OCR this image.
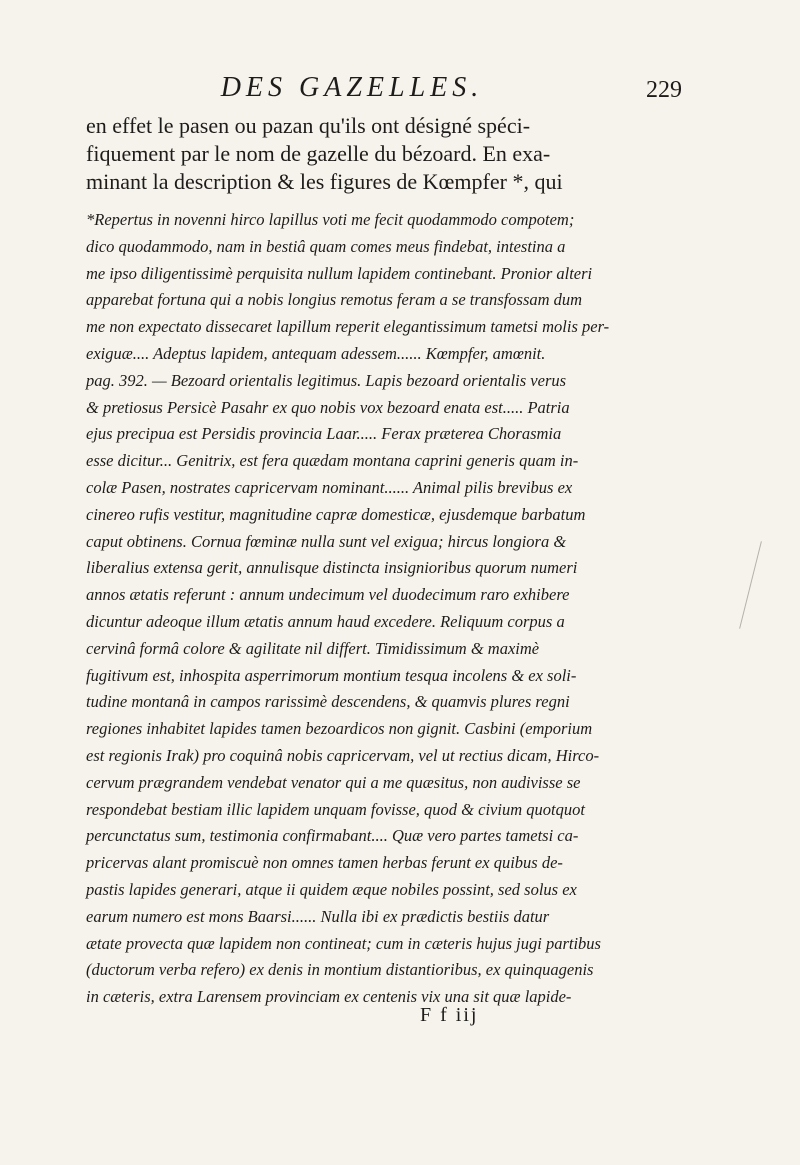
DES GAZELLES.	229

en effet le pasen ou pazan qu'ils ont désigné spéci-
fiquement par le nom de gazelle du bézoard. En exa-
minant la description & les figures de Kœmpfer *, qui

*Repertus in novenni hirco lapillus voti me fecit quodammodo compotem;
dico quodammodo, nam in bestiâ quam comes meus findebat, intestina a
me ipso diligentissimè perquisita nullum lapidem continebant. Pronior alteri
apparebat fortuna qui a nobis longius remotus feram a se transfossam dum
me non expectato dissecaret lapillum reperit elegantissimum tametsi molis per-
exiguæ.... Adeptus lapidem, antequam adessem...... Kœmpfer, amœnit.
pag. 392. — Bezoard orientalis legitimus. Lapis bezoard orientalis verus
& pretiosus Persicè Pasahr ex quo nobis vox bezoard enata est..... Patria
ejus precipua est Persidis provincia Laar..... Ferax præterea Chorasmia
esse dicitur... Genitrix, est fera quædam montana caprini generis quam in-
colæ Pasen, nostrates capricervam nominant...... Animal pilis brevibus ex
cinereo rufis vestitur, magnitudine capræ domesticæ, ejusdemque barbatum
caput obtinens. Cornua fœminæ nulla sunt vel exigua; hircus longiora &
liberalius extensa gerit, annulisque distincta insignioribus quorum numeri
annos ætatis referunt : annum undecimum vel duodecimum raro exhibere
dicuntur adeoque illum ætatis annum haud excedere. Reliquum corpus a
cervinâ formâ colore & agilitate nil differt. Timidissimum & maximè
fugitivum est, inhospita asperrimorum montium tesqua incolens & ex soli-
tudine montanâ in campos rarissimè descendens, & quamvis plures regni
regiones inhabitet lapides tamen bezoardicos non gignit. Casbini (emporium
est regionis Irak) pro coquinâ nobis capricervam, vel ut rectius dicam, Hirco-
cervum prægrandem vendebat venator qui a me quæsitus, non audivisse se
respondebat bestiam illic lapidem unquam fovisse, quod & civium quotquot
percunctatus sum, testimonia confirmabant.... Quæ vero partes tametsi ca-
pricervas alant promiscuè non omnes tamen herbas ferunt ex quibus de-
pastis lapides generari, atque ii quidem æque nobiles possint, sed solus ex
earum numero est mons Baarsi...... Nulla ibi ex prædictis bestiis datur
ætate provecta quæ lapidem non contineat; cum in cæteris hujus jugi partibus
(ductorum verba refero) ex denis in montium distantioribus, ex quinquagenis
in cæteris, extra Larensem provinciam ex centenis vix una sit quæ lapide-

F f iij
